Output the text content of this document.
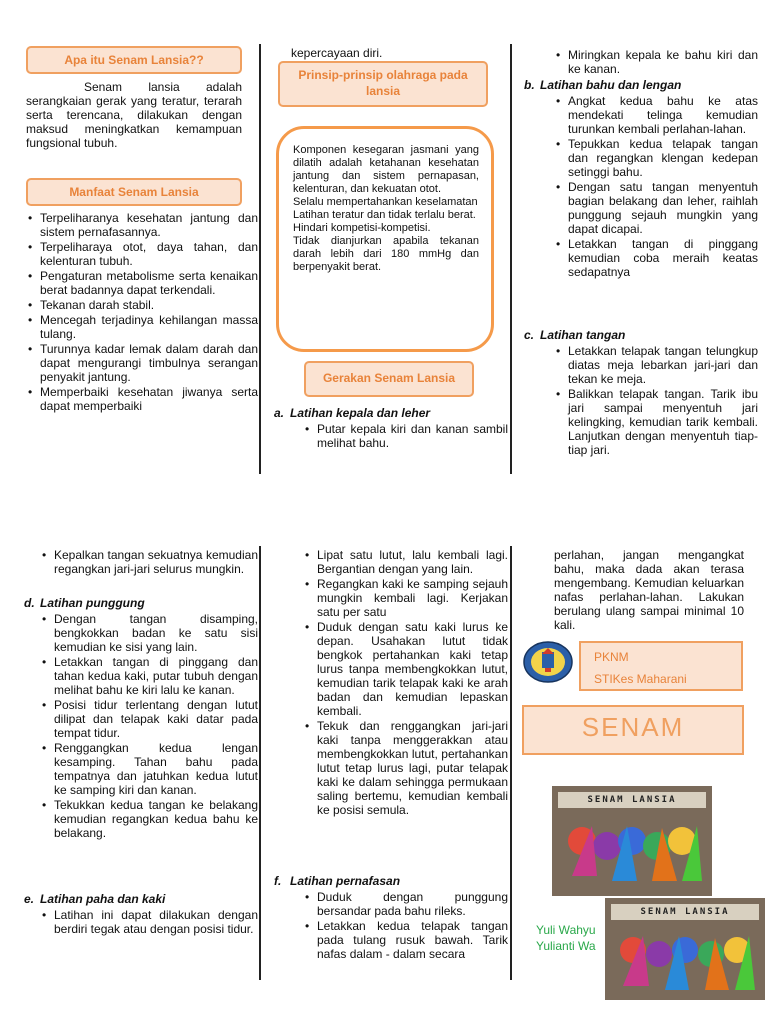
Apa itu Senam Lansia??
Senam lansia adalah serangkaian gerak yang teratur, terarah serta terencana, dilakukan dengan maksud meningkatkan kemampuan fungsional tubuh.
Manfaat Senam Lansia
• Terpeliharanya kesehatan jantung dan sistem pernafasannya.
• Terpeliharaya otot, daya tahan, dan kelenturan tubuh.
• Pengaturan metabolisme serta kenaikan berat badannya dapat terkendali.
• Tekanan darah stabil.
• Mencegah terjadinya kehilangan massa tulang.
• Turunnya kadar lemak dalam darah dan dapat mengurangi timbulnya serangan penyakit jantung.
• Memperbaiki kesehatan jiwanya serta dapat memperbaiki
kepercayaan diri.
Prinsip-prinsip olahraga pada lansia

Komponen kesegaran jasmani yang dilatih adalah ketahanan kesehatan jantung dan sistem pernapasan, kelenturan, dan kekuatan otot.

Selalu mempertahankan keselamatan

Latihan teratur dan tidak terlalu berat.

Hindari kompetisi-kompetisi.

Tidak dianjurkan apabila tekanan darah lebih dari 180 mmHg dan berpenyakit berat.

Gerakan Senam Lansia
a. Latihan kepala dan leher
• Putar kepala kiri dan kanan sambil melihat bahu.
• Miringkan kepala ke bahu kiri dan ke kanan.
b. Latihan bahu dan lengan
• Angkat kedua bahu ke atas mendekati telinga kemudian turunkan kembali perlahan-lahan.
• Tepukkan kedua telapak tangan dan regangkan klengan kedepan setinggi bahu.
• Dengan satu tangan menyentuh bagian belakang dan leher, raihlah punggung sejauh mungkin yang dapat dicapai.
• Letakkan tangan di pinggang kemudian coba meraih keatas sedapatnya
c. Latihan tangan
• Letakkan telapak tangan telungkup diatas meja lebarkan jari-jari dan tekan ke meja.
• Balikkan telapak tangan. Tarik ibu jari sampai menyentuh jari kelingking, kemudian tarik kembali. Lanjutkan dengan menyentuh tiap-tiap jari.
• Kepalkan tangan sekuatnya kemudian regangkan jari-jari selurus mungkin.
d. Latihan punggung
• Dengan tangan disamping, bengkokkan badan ke satu sisi kemudian ke sisi yang lain.
• Letakkan tangan di pinggang dan tahan kedua kaki, putar tubuh dengan melihat bahu ke kiri lalu ke kanan.
• Posisi tidur terlentang dengan lutut dilipat dan telapak kaki datar pada tempat tidur.
• Renggangkan kedua lengan kesamping. Tahan bahu pada tempatnya dan jatuhkan kedua lutut ke samping kiri dan kanan.
• Tekukkan kedua tangan ke belakang kemudian regangkan kedua bahu ke belakang.
e. Latihan paha dan kaki
• Latihan ini dapat dilakukan dengan berdiri tegak atau dengan posisi tidur.
• Lipat satu lutut, lalu kembali lagi. Bergantian dengan yang lain.
• Regangkan kaki ke samping sejauh mungkin kembali lagi. Kerjakan satu per satu
• Duduk dengan satu kaki lurus ke depan. Usahakan lutut tidak bengkok pertahankan kaki tetap lurus tanpa membengkokkan lutut, kemudian tarik telapak kaki ke arah badan dan kemudian lepaskan kembali.
• Tekuk dan renggangkan jari-jari kaki tanpa menggerakkan atau membengkokkan lutut, pertahankan lutut tetap lurus lagi, putar telapak kaki ke dalam sehingga permukaan saling bertemu, kemudian kembali ke posisi semula.
f. Latihan pernafasan
• Duduk dengan punggung bersandar pada bahu rileks.
• Letakkan kedua telapak tangan pada tulang rusuk bawah. Tarik nafas dalam - dalam secara
perlahan, jangan mengangkat bahu, maka dada akan terasa mengembang. Kemudian keluarkan nafas perlahan-lahan. Lakukan berulang ulang sampai minimal 10 kali.
PKNM
STIKes Maharani
SENAM
SENAM LANSIA
Yuli Wahyu
Yulianti Wa
SENAM LANSIA
